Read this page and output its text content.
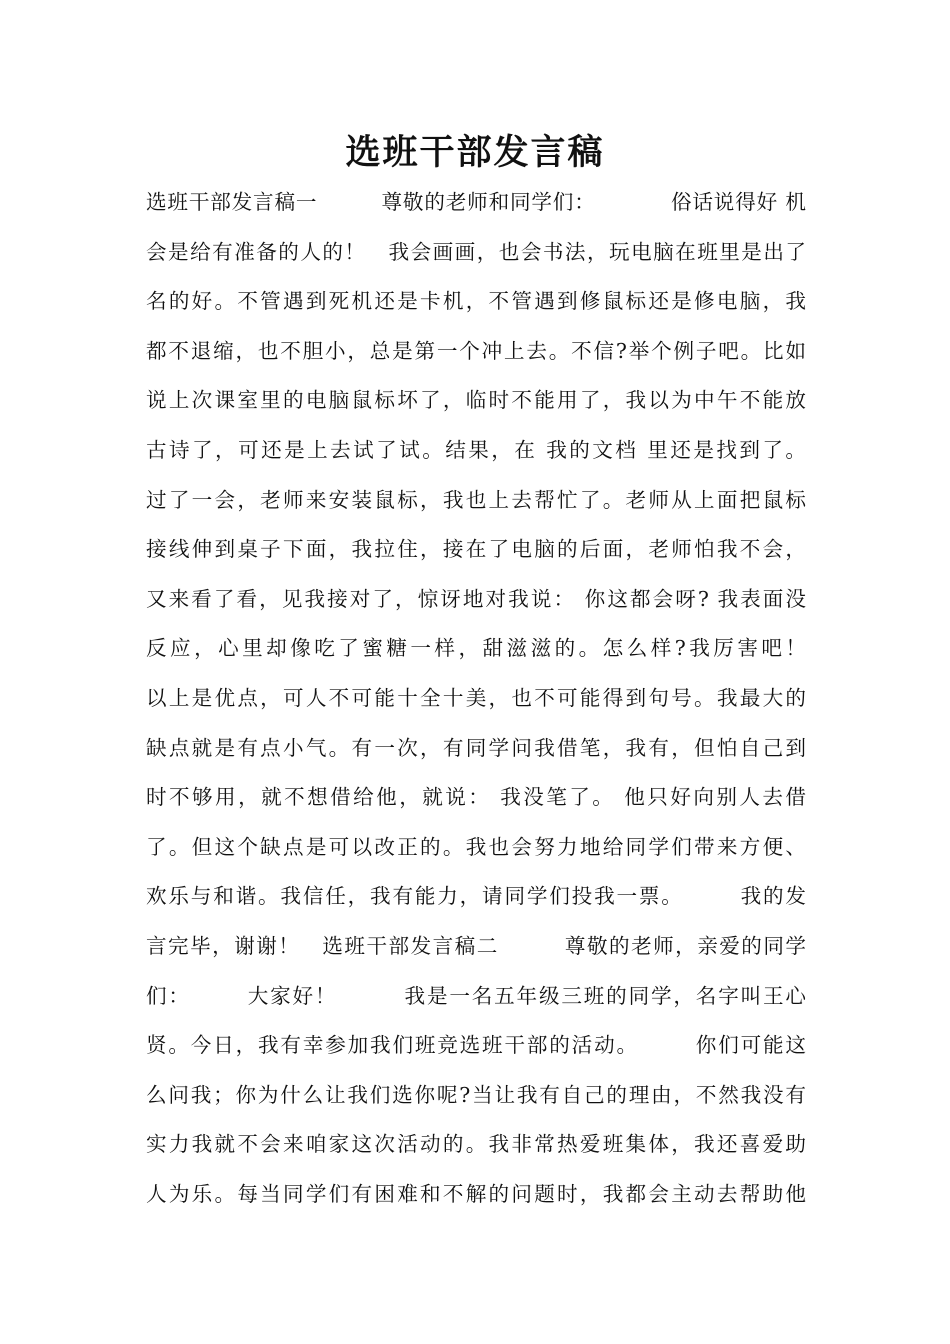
选班干部发言稿
选班干部发言稿一　　　尊敬的老师和同学们：　　　　俗话说得好 机
会是给有准备的人的！　我会画画，也会书法，玩电脑在班里是出了
名的好。不管遇到死机还是卡机，不管遇到修鼠标还是修电脑，我
都不退缩，也不胆小，总是第一个冲上去。不信?举个例子吧。比如
说上次课室里的电脑鼠标坏了，临时不能用了，我以为中午不能放
古诗了，可还是上去试了试。结果，在 我的文档 里还是找到了。
过了一会，老师来安装鼠标，我也上去帮忙了。老师从上面把鼠标
接线伸到桌子下面，我拉住，接在了电脑的后面，老师怕我不会，
又来看了看，见我接对了，惊讶地对我说： 你这都会呀? 我表面没
反应，心里却像吃了蜜糖一样，甜滋滋的。怎么样?我厉害吧！
以上是优点，可人不可能十全十美，也不可能得到句号。我最大的
缺点就是有点小气。有一次，有同学问我借笔，我有，但怕自己到
时不够用，就不想借给他，就说： 我没笔了。 他只好向别人去借
了。但这个缺点是可以改正的。我也会努力地给同学们带来方便、
欢乐与和谐。我信任，我有能力，请同学们投我一票。　　　我的发
言完毕，谢谢！　选班干部发言稿二　　　尊敬的老师，亲爱的同学
们：　　　大家好！　　　我是一名五年级三班的同学，名字叫王心
贤。今日，我有幸参加我们班竞选班干部的活动。　　　你们可能这
么问我；你为什么让我们选你呢?当让我有自己的理由，不然我没有
实力我就不会来咱家这次活动的。我非常热爱班集体，我还喜爱助
人为乐。每当同学们有困难和不解的问题时，我都会主动去帮助他
